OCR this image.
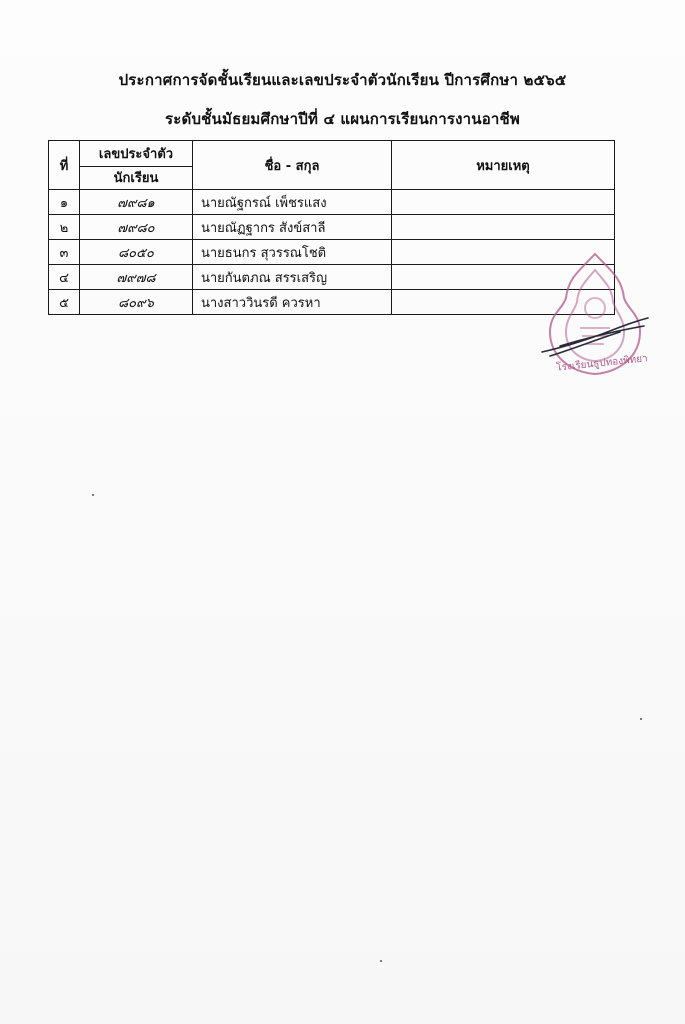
ประกาศการจัดชั้นเรียนและเลขประจำตัวนักเรียน ปีการศึกษา ๒๕๖๕
ระดับชั้นมัธยมศึกษาปีที่ ๔ แผนการเรียนการงานอาชีพ
ที่	เลขประจำตัว	ชื่อ - สกุล	หมายเหตุ
	นักเรียน		
๑	๗๙๘๑	นายณัฐกรณ์ เพ็ชรแสง	
๒	๗๙๘๐	นายณัฏฐากร สังข์สาลี	
๓	๘๐๕๐	นายธนกร สุวรรณโชติ	
๔	๗๙๗๘	นายกันตภณ สรรเสริญ	
๕	๘๐๙๖	นางสาววินรดี ควรหา	
โรงเรียนธูปทองพิทยา
